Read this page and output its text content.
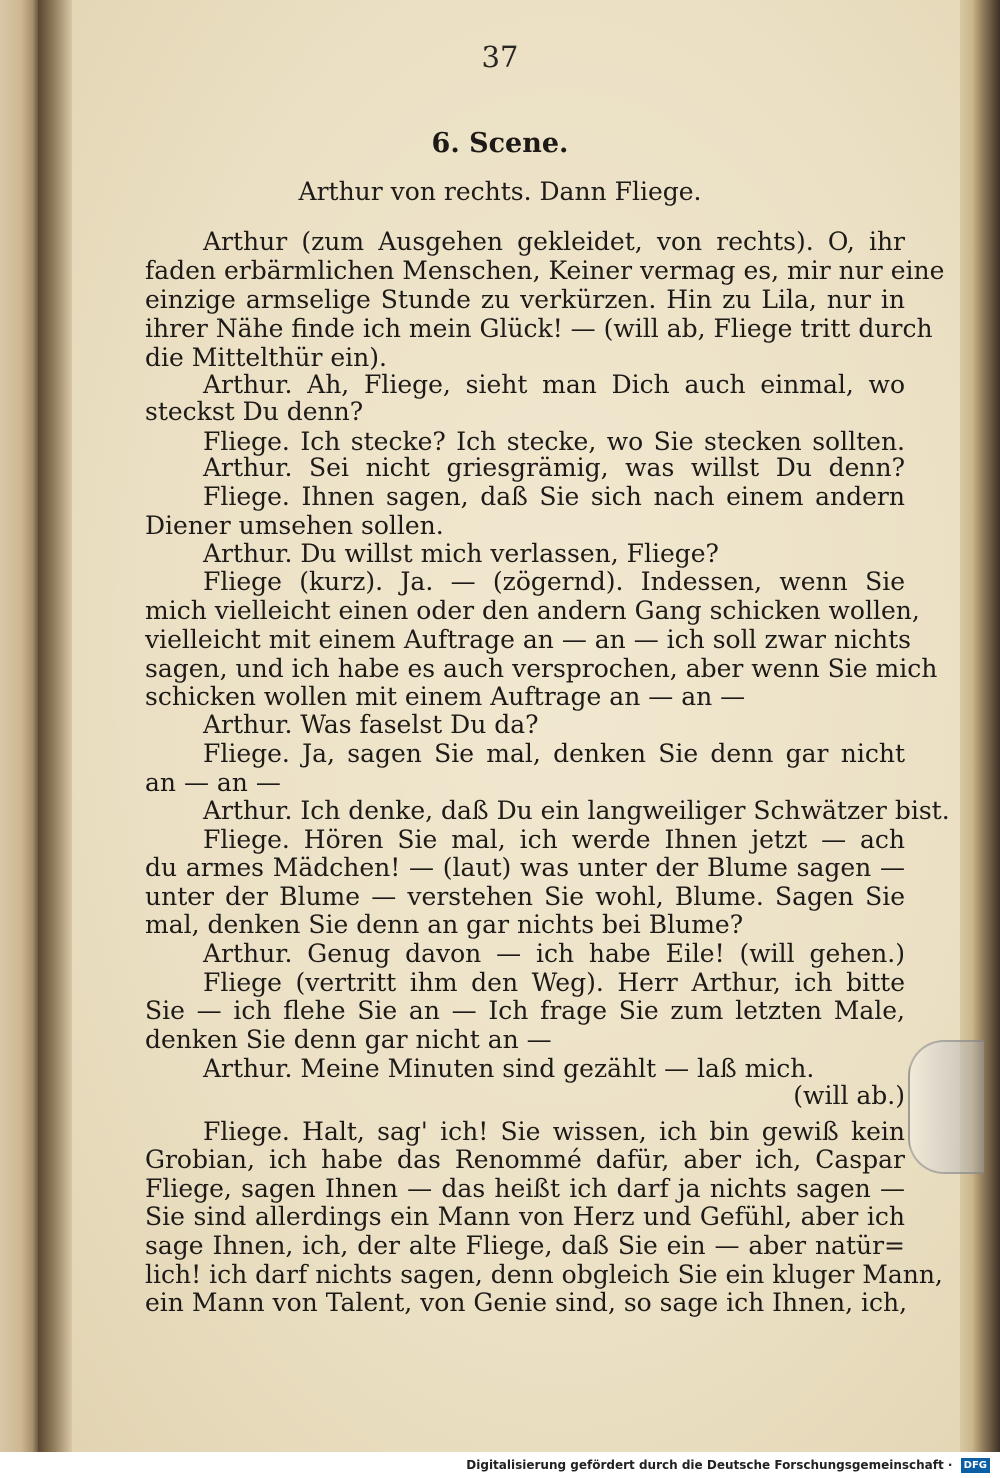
37
6. Scene.
Arthur von rechts. Dann Fliege.
Arthur (zum Ausgehen gekleidet, von rechts). O, ihr
faden erbärmlichen Menschen, Keiner vermag es, mir nur eine
einzige armselige Stunde zu verkürzen. Hin zu Lila, nur in
ihrer Nähe finde ich mein Glück! — (will ab, Fliege tritt durch
die Mittelthür ein).
Arthur. Ah, Fliege, sieht man Dich auch einmal, wo
steckst Du denn?
Fliege. Ich stecke? Ich stecke, wo Sie stecken sollten.
Arthur. Sei nicht griesgrämig, was willst Du denn?
Fliege. Ihnen sagen, daß Sie sich nach einem andern
Diener umsehen sollen.
Arthur. Du willst mich verlassen, Fliege?
Fliege (kurz). Ja. — (zögernd). Indessen, wenn Sie
mich vielleicht einen oder den andern Gang schicken wollen,
vielleicht mit einem Auftrage an — an — ich soll zwar nichts
sagen, und ich habe es auch versprochen, aber wenn Sie mich
schicken wollen mit einem Auftrage an — an —
Arthur. Was faselst Du da?
Fliege. Ja, sagen Sie mal, denken Sie denn gar nicht
an — an —
Arthur. Ich denke, daß Du ein langweiliger Schwätzer bist.
Fliege. Hören Sie mal, ich werde Ihnen jetzt — ach
du armes Mädchen! — (laut) was unter der Blume sagen —
unter der Blume — verstehen Sie wohl, Blume. Sagen Sie
mal, denken Sie denn an gar nichts bei Blume?
Arthur. Genug davon — ich habe Eile! (will gehen.)
Fliege (vertritt ihm den Weg). Herr Arthur, ich bitte
Sie — ich flehe Sie an — Ich frage Sie zum letzten Male,
denken Sie denn gar nicht an —
Arthur. Meine Minuten sind gezählt — laß mich.
(will ab.)
Fliege. Halt, sag' ich! Sie wissen, ich bin gewiß kein
Grobian, ich habe das Renommé dafür, aber ich, Caspar
Fliege, sagen Ihnen — das heißt ich darf ja nichts sagen —
Sie sind allerdings ein Mann von Herz und Gefühl, aber ich
sage Ihnen, ich, der alte Fliege, daß Sie ein — aber natür=
lich! ich darf nichts sagen, denn obgleich Sie ein kluger Mann,
ein Mann von Talent, von Genie sind, so sage ich Ihnen, ich,
Digitalisierung gefördert durch die Deutsche Forschungsgemeinschaft · DFG
